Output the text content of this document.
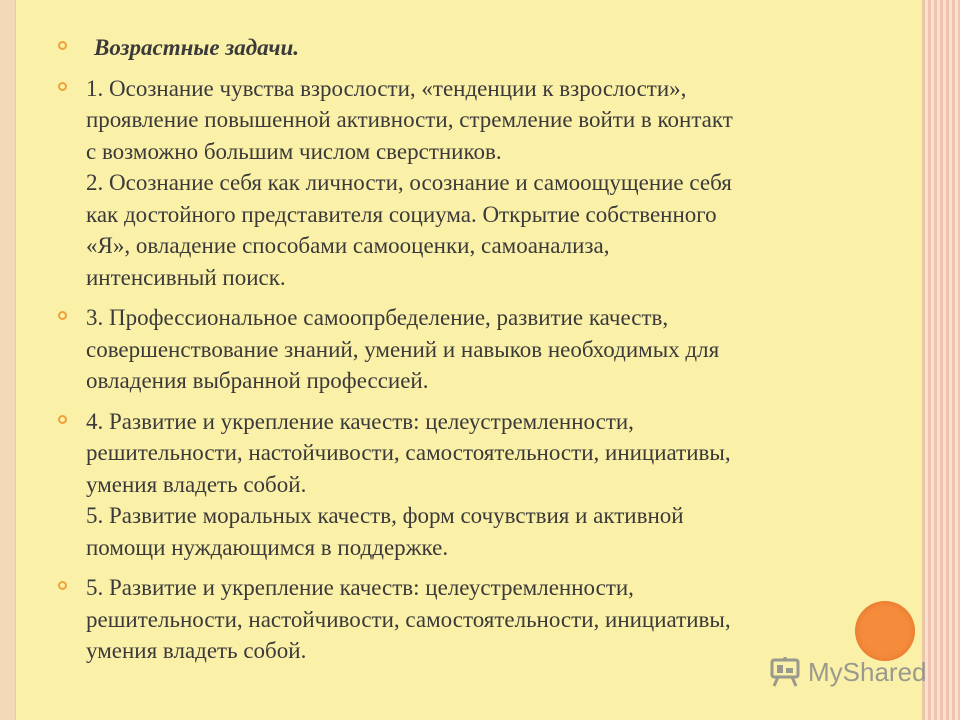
Возрастные задачи.
1. Осознание чувства взрослости, «тенденции к взрослости»,
проявление повышенной активности, стремление войти в контакт
с возможно большим числом сверстников.
2. Осознание себя как личности, осознание и самоощущение себя
как достойного представителя социума. Открытие собственного
«Я», овладение способами самооценки, самоанализа,
интенсивный поиск.
3. Профессиональное самоопрбеделение, развитие качеств,
совершенствование знаний, умений и навыков необходимых для
овладения выбранной профессией.
4. Развитие и укрепление качеств: целеустремленности,
решительности, настойчивости, самостоятельности, инициативы,
умения владеть собой.
5. Развитие моральных качеств, форм сочувствия и активной
помощи нуждающимся в поддержке.
5. Развитие и укрепление качеств: целеустремленности,
решительности, настойчивости, самостоятельности, инициативы,
умения владеть собой.
MyShared
